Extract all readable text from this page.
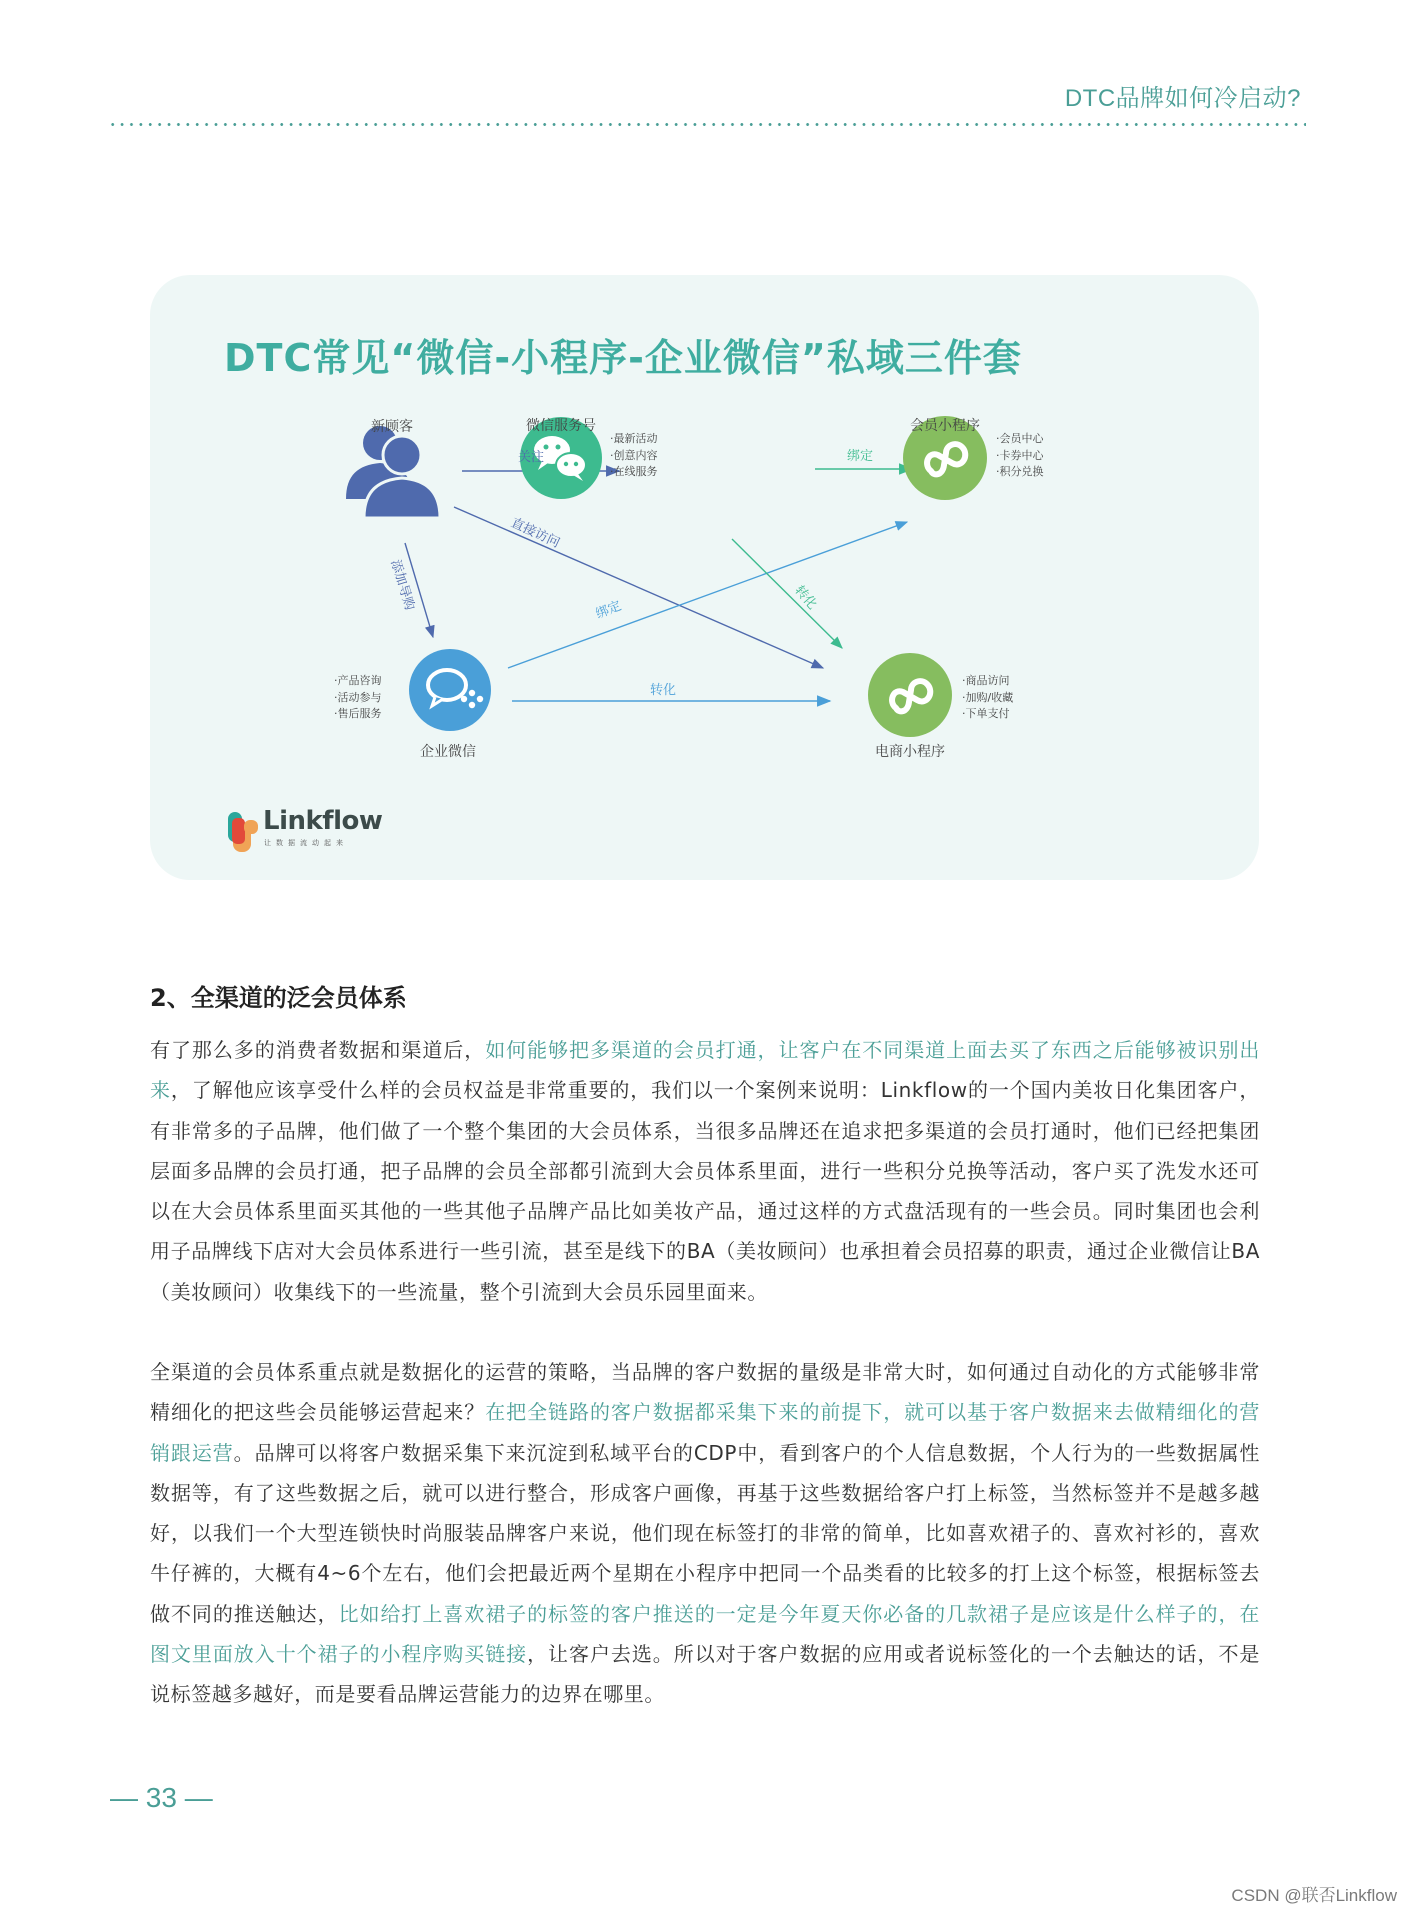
DTC品牌如何冷启动?
DTC常见“微信-小程序-企业微信”私域三件套
新顾客	微信服务号	会员小程序
企业微信	电商小程序
·最新活动
·创意内容
·在线服务
·会员中心
·卡券中心
·积分兑换
·产品咨询
·活动参与
·售后服务
·商品访问
·加购/收藏
·下单支付
关注	绑定
直接访问
添加导购	绑定	转化
转化
Linkflow
让数据流动起来
2、全渠道的泛会员体系
有了那么多的消费者数据和渠道后，如何能够把多渠道的会员打通，让客户在不同渠道上面去买了东西之后能够被识别出来，了解他应该享受什么样的会员权益是非常重要的，我们以一个案例来说明：Linkflow的一个国内美妆日化集团客户，有非常多的子品牌，他们做了一个整个集团的大会员体系，当很多品牌还在追求把多渠道的会员打通时，他们已经把集团层面多品牌的会员打通，把子品牌的会员全部都引流到大会员体系里面，进行一些积分兑换等活动，客户买了洗发水还可以在大会员体系里面买其他的一些其他子品牌产品比如美妆产品，通过这样的方式盘活现有的一些会员。同时集团也会利用子品牌线下店对大会员体系进行一些引流，甚至是线下的BA（美妆顾问）也承担着会员招募的职责，通过企业微信让BA（美妆顾问）收集线下的一些流量，整个引流到大会员乐园里面来。
全渠道的会员体系重点就是数据化的运营的策略，当品牌的客户数据的量级是非常大时，如何通过自动化的方式能够非常精细化的把这些会员能够运营起来？在把全链路的客户数据都采集下来的前提下，就可以基于客户数据来去做精细化的营销跟运营。品牌可以将客户数据采集下来沉淀到私域平台的CDP中，看到客户的个人信息数据，个人行为的一些数据属性数据等，有了这些数据之后，就可以进行整合，形成客户画像，再基于这些数据给客户打上标签，当然标签并不是越多越好，以我们一个大型连锁快时尚服装品牌客户来说，他们现在标签打的非常的简单，比如喜欢裙子的、喜欢衬衫的，喜欢牛仔裤的，大概有4~6个左右，他们会把最近两个星期在小程序中把同一个品类看的比较多的打上这个标签，根据标签去做不同的推送触达，比如给打上喜欢裙子的标签的客户推送的一定是今年夏天你必备的几款裙子是应该是什么样子的，在图文里面放入十个裙子的小程序购买链接，让客户去选。所以对于客户数据的应用或者说标签化的一个去触达的话，不是说标签越多越好，而是要看品牌运营能力的边界在哪里。
— 33 —
CSDN @联否Linkflow
